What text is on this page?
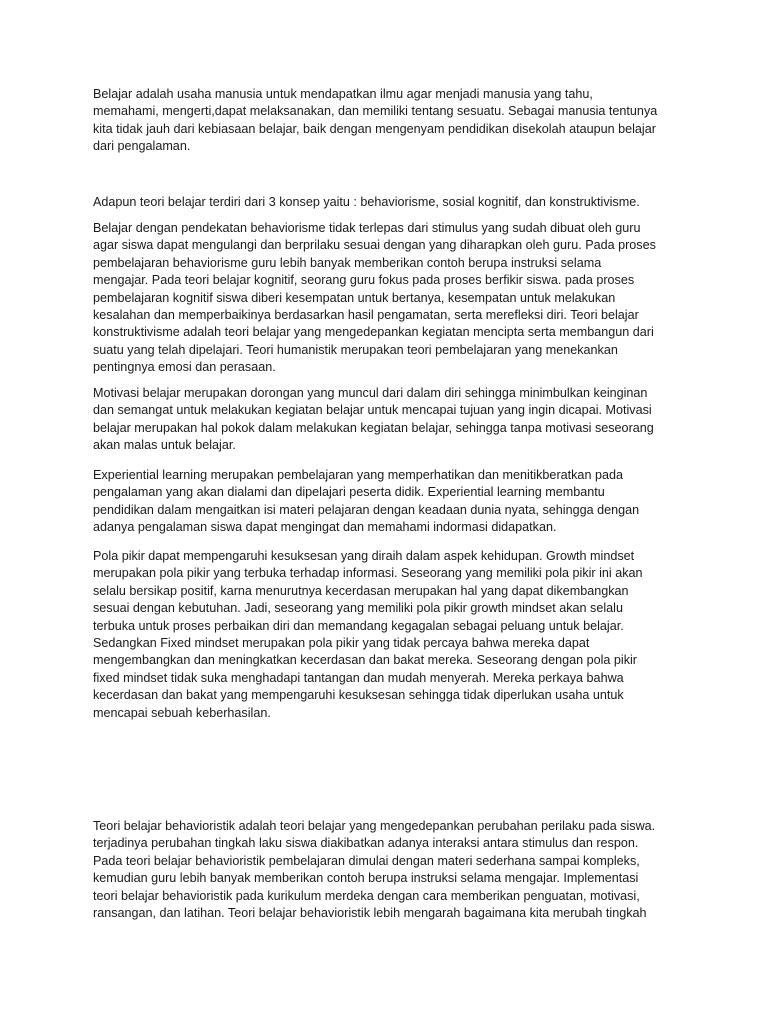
Belajar adalah usaha manusia untuk mendapatkan ilmu agar menjadi manusia yang tahu,
memahami, mengerti,dapat melaksanakan, dan memiliki tentang sesuatu. Sebagai manusia tentunya
kita tidak jauh dari kebiasaan belajar, baik dengan mengenyam pendidikan disekolah ataupun belajar
dari pengalaman.
Adapun teori belajar terdiri dari 3 konsep yaitu : behaviorisme, sosial kognitif, dan konstruktivisme.
Belajar dengan pendekatan behaviorisme tidak terlepas dari stimulus yang sudah dibuat oleh guru
agar siswa dapat mengulangi dan berprilaku sesuai dengan yang diharapkan oleh guru. Pada proses
pembelajaran behaviorisme guru lebih banyak memberikan contoh berupa instruksi selama
mengajar. Pada teori belajar kognitif, seorang guru fokus pada proses berfikir siswa. pada proses
pembelajaran kognitif siswa diberi kesempatan untuk bertanya, kesempatan untuk melakukan
kesalahan dan memperbaikinya berdasarkan hasil pengamatan, serta merefleksi diri. Teori belajar
konstruktivisme adalah teori belajar yang mengedepankan kegiatan mencipta serta membangun dari
suatu yang telah dipelajari. Teori humanistik merupakan teori pembelajaran yang menekankan
pentingnya emosi dan perasaan.
Motivasi belajar merupakan dorongan yang muncul dari dalam diri sehingga minimbulkan keinginan
dan semangat untuk melakukan kegiatan belajar untuk mencapai tujuan yang ingin dicapai. Motivasi
belajar merupakan hal pokok dalam melakukan kegiatan belajar, sehingga tanpa motivasi seseorang
akan malas untuk belajar.
Experiential learning merupakan pembelajaran yang memperhatikan dan menitikberatkan pada
pengalaman yang akan dialami dan dipelajari peserta didik. Experiential learning membantu
pendidikan dalam mengaitkan isi materi pelajaran dengan keadaan dunia nyata, sehingga dengan
adanya pengalaman siswa dapat mengingat dan memahami indormasi didapatkan.
Pola pikir dapat mempengaruhi kesuksesan yang diraih dalam aspek kehidupan. Growth mindset
merupakan pola pikir yang terbuka terhadap informasi. Seseorang yang memiliki pola pikir ini akan
selalu bersikap positif, karna menurutnya kecerdasan merupakan hal yang dapat dikembangkan
sesuai dengan kebutuhan. Jadi, seseorang yang memiliki pola pikir growth mindset akan selalu
terbuka untuk proses perbaikan diri dan memandang kegagalan sebagai peluang untuk belajar.
Sedangkan Fixed mindset merupakan pola pikir yang tidak percaya bahwa mereka dapat
mengembangkan dan meningkatkan kecerdasan dan bakat mereka. Seseorang dengan pola pikir
fixed mindset tidak suka menghadapi tantangan dan mudah menyerah. Mereka perkaya bahwa
kecerdasan dan bakat yang mempengaruhi kesuksesan sehingga tidak diperlukan usaha untuk
mencapai sebuah keberhasilan.
Teori belajar behavioristik adalah teori belajar yang mengedepankan perubahan perilaku pada siswa.
terjadinya perubahan tingkah laku siswa diakibatkan adanya interaksi antara stimulus dan respon.
Pada teori belajar behavioristik pembelajaran dimulai dengan materi sederhana sampai kompleks,
kemudian guru lebih banyak memberikan contoh berupa instruksi selama mengajar. Implementasi
teori belajar behavioristik pada kurikulum merdeka dengan cara memberikan penguatan, motivasi,
ransangan, dan latihan. Teori belajar behavioristik lebih mengarah bagaimana kita merubah tingkah
